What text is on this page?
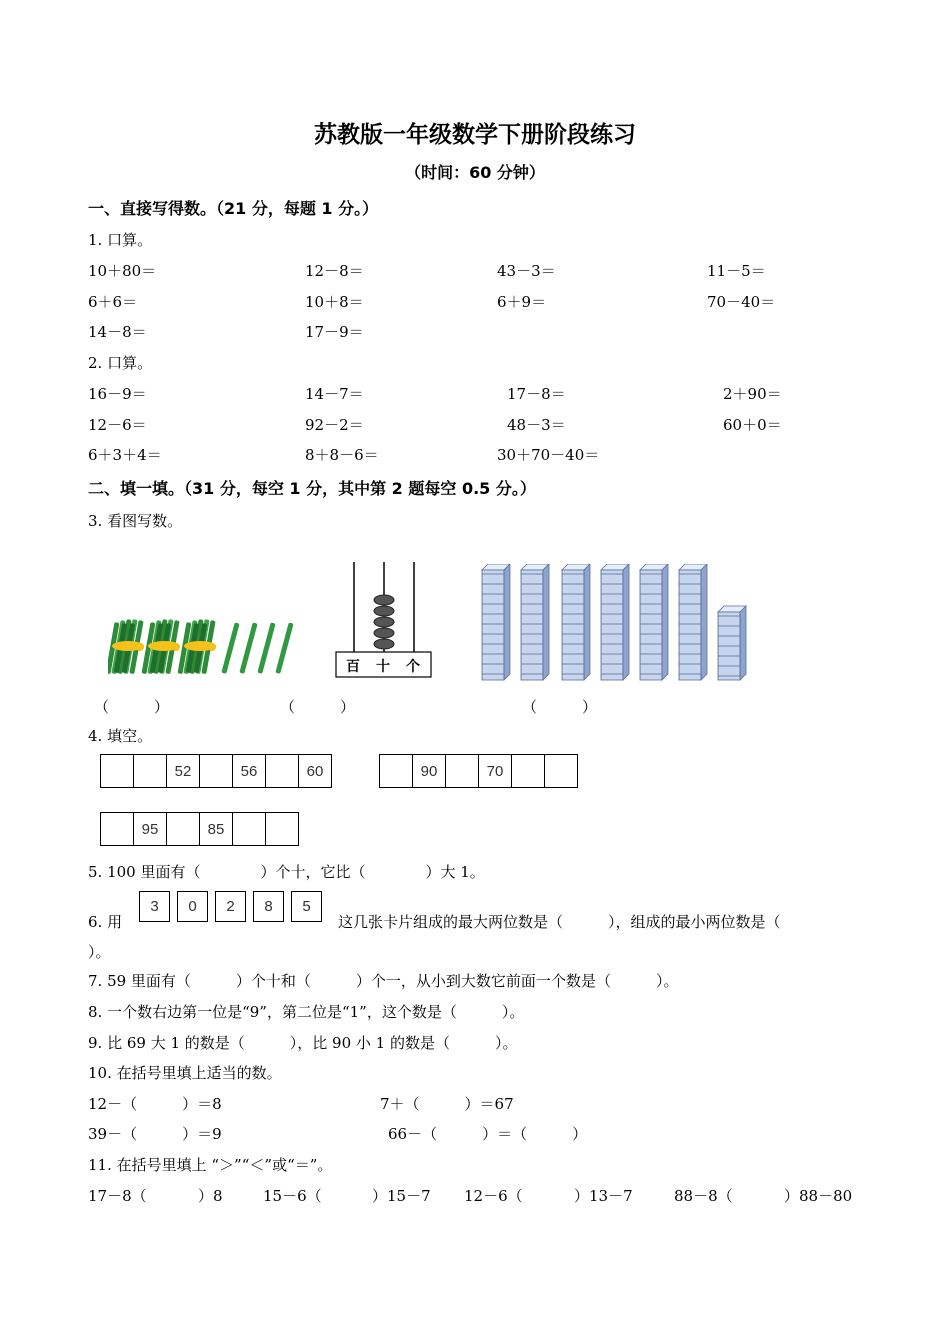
苏教版一年级数学下册阶段练习
（时间：60 分钟）
一、直接写得数。（21 分，每题 1 分。）
1. 口算。
10＋80＝	12－8＝	43－3＝	11－5＝
6＋6＝	10＋8＝	6＋9＝	70－40＝
14－8＝	17－9＝
2. 口算。
16－9＝	14－7＝	17－8＝	2＋90＝
12－6＝	92－2＝	48－3＝	60＋0＝
6＋3＋4＝	8＋8－6＝	30＋70－40＝
二、填一填。（31 分，每空 1 分，其中第 2 题每空 0.5 分。）
3. 看图写数。
百 十 个
（　　　）	（　　　）	（　　　）
4. 填空。
		52		56		60
		90		70		
	95		85		
5. 100 里面有（　　　　）个十，它比（　　　　）大 1。
6. 用
3	0	2	8	5
这几张卡片组成的最大两位数是（　　　），组成的最小两位数是（
）。
7. 59 里面有（　　　）个十和（　　　）个一，从小到大数它前面一个数是（　　　）。
8. 一个数右边第一位是“9”，第二位是“1”，这个数是（　　　）。
9. 比 69 大 1 的数是（　　　），比 90 小 1 的数是（　　　）。
10. 在括号里填上适当的数。
12－（　　　）＝8	7＋（　　　）＝67
39－（　　　）＝9	66－（　　　）＝（　　　）
11. 在括号里填上 “＞”“＜”或“＝”。
17－8（	）8	15－6（	）15－7 12－6（	）13－7	88－8（	）88－80
